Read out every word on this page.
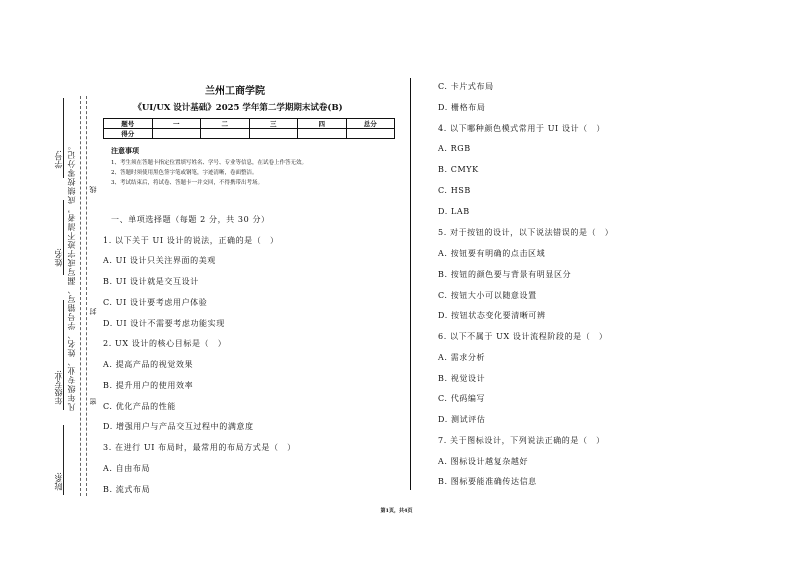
学号:
姓名:
年级专业:
院系:
凡年级专业、姓名、学号错写、漏写或字迹不清者，成绩按零分记。 线
封
密
兰州工商学院
《UI/UX 设计基础》2025 学年第二学期期末试卷(B)
题号	一	二	三	四	总分
得分					
注意事项
1、考生须在答题卡指定位置填写姓名、学号、专业等信息，在试卷上作答无效。
2、答题时须使用黑色签字笔或钢笔，字迹清晰，卷面整洁。
3、考试结束后，将试卷、答题卡一并交回，不得携带出考场。
一、单项选择题（每题 2 分，共 30 分）
1. 以下关于 UI 设计的说法，正确的是（　）
A. UI 设计只关注界面的美观
B. UI 设计就是交互设计
C. UI 设计要考虑用户体验
D. UI 设计不需要考虑功能实现
2. UX 设计的核心目标是（　）
A. 提高产品的视觉效果
B. 提升用户的使用效率
C. 优化产品的性能
D. 增强用户与产品交互过程中的满意度
3. 在进行 UI 布局时，最常用的布局方式是（　）
A. 自由布局
B. 流式布局
C. 卡片式布局
D. 栅格布局
4. 以下哪种颜色模式常用于 UI 设计（　）
A. RGB
B. CMYK
C. HSB
D. LAB
5. 对于按钮的设计，以下说法错误的是（　）
A. 按钮要有明确的点击区域
B. 按钮的颜色要与背景有明显区分
C. 按钮大小可以随意设置
D. 按钮状态变化要清晰可辨
6. 以下不属于 UX 设计流程阶段的是（　）
A. 需求分析
B. 视觉设计
C. 代码编写
D. 测试评估
7. 关于图标设计，下列说法正确的是（　）
A. 图标设计越复杂越好
B. 图标要能准确传达信息
第1页，共4页
